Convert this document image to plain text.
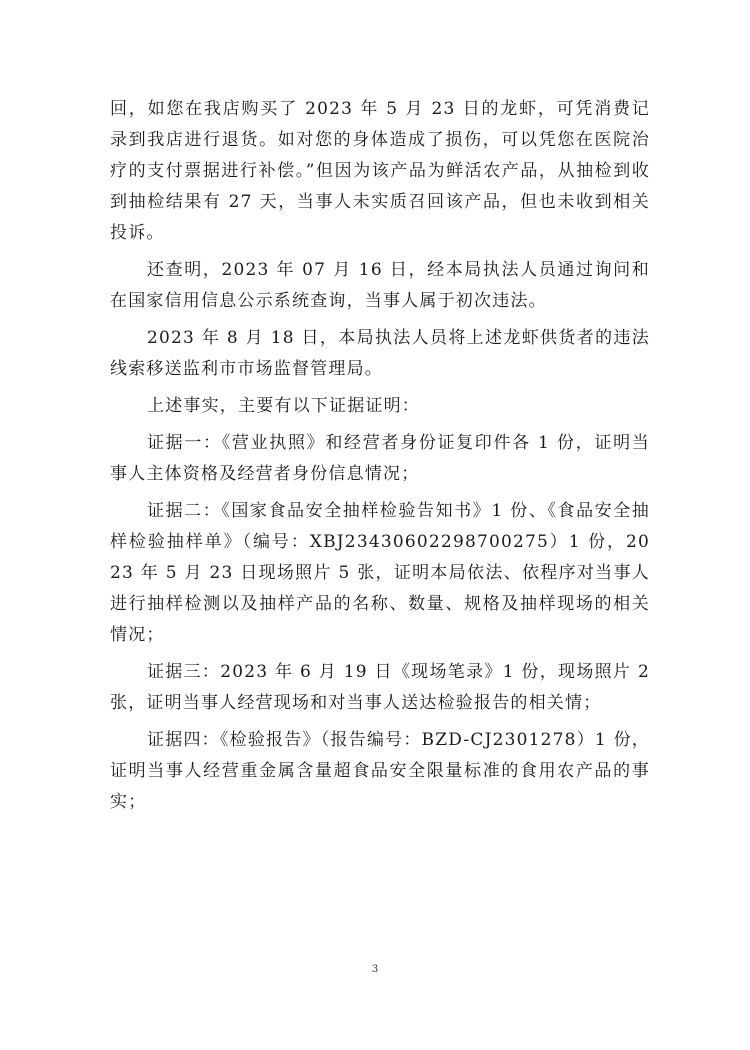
回，如您在我店购买了 2023 年 5 月 23 日的龙虾，可凭消费记录到我店进行退货。如对您的身体造成了损伤，可以凭您在医院治疗的支付票据进行补偿。”但因为该产品为鲜活农产品，从抽检到收到抽检结果有 27 天，当事人未实质召回该产品，但也未收到相关投诉。

还查明，2023 年 07 月 16 日，经本局执法人员通过询问和在国家信用信息公示系统查询，当事人属于初次违法。

2023 年 8 月 18 日，本局执法人员将上述龙虾供货者的违法线索移送监利市市场监督管理局。

上述事实，主要有以下证据证明：

证据一：《营业执照》和经营者身份证复印件各 1 份，证明当事人主体资格及经营者身份信息情况；

证据二：《国家食品安全抽样检验告知书》1 份、《食品安全抽样检验抽样单》（编号：XBJ23430602298700275）1 份，2023 年 5 月 23 日现场照片 5 张，证明本局依法、依程序对当事人进行抽样检测以及抽样产品的名称、数量、规格及抽样现场的相关情况；

证据三：2023 年 6 月 19 日《现场笔录》1 份，现场照片 2 张，证明当事人经营现场和对当事人送达检验报告的相关情；

证据四：《检验报告》（报告编号：BZD-CJ2301278）1 份，证明当事人经营重金属含量超食品安全限量标准的食用农产品的事实；

3
